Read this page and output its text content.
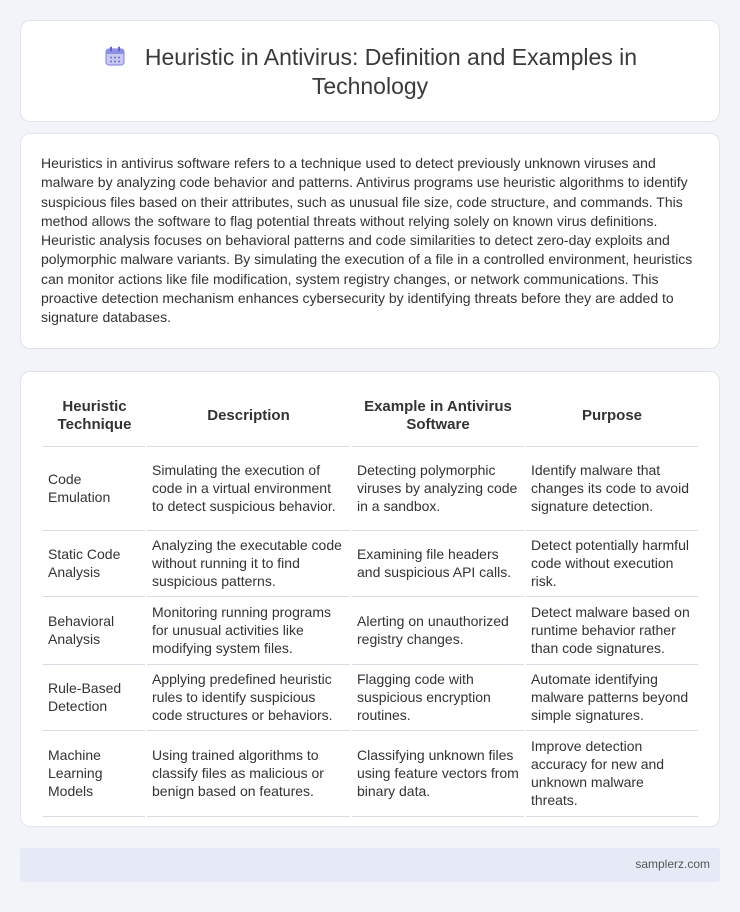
Heuristic in Antivirus: Definition and Examples in Technology

Heuristics in antivirus software refers to a technique used to detect previously unknown viruses and malware by analyzing code behavior and patterns. Antivirus programs use heuristic algorithms to identify suspicious files based on their attributes, such as unusual file size, code structure, and commands. This method allows the software to flag potential threats without relying solely on known virus definitions. Heuristic analysis focuses on behavioral patterns and code similarities to detect zero-day exploits and polymorphic malware variants. By simulating the execution of a file in a controlled environment, heuristics can monitor actions like file modification, system registry changes, or network communications. This proactive detection mechanism enhances cybersecurity by identifying threats before they are added to signature databases.

Heuristic Technique	Description	Example in Antivirus Software	Purpose
Code Emulation	Simulating the execution of code in a virtual environment to detect suspicious behavior.	Detecting polymorphic viruses by analyzing code in a sandbox.	Identify malware that changes its code to avoid signature detection.
Static Code Analysis	Analyzing the executable code without running it to find suspicious patterns.	Examining file headers and suspicious API calls.	Detect potentially harmful code without execution risk.
Behavioral Analysis	Monitoring running programs for unusual activities like modifying system files.	Alerting on unauthorized registry changes.	Detect malware based on runtime behavior rather than code signatures.
Rule-Based Detection	Applying predefined heuristic rules to identify suspicious code structures or behaviors.	Flagging code with suspicious encryption routines.	Automate identifying malware patterns beyond simple signatures.
Machine Learning Models	Using trained algorithms to classify files as malicious or benign based on features.	Classifying unknown files using feature vectors from binary data.	Improve detection accuracy for new and unknown malware threats.
samplerz.com
